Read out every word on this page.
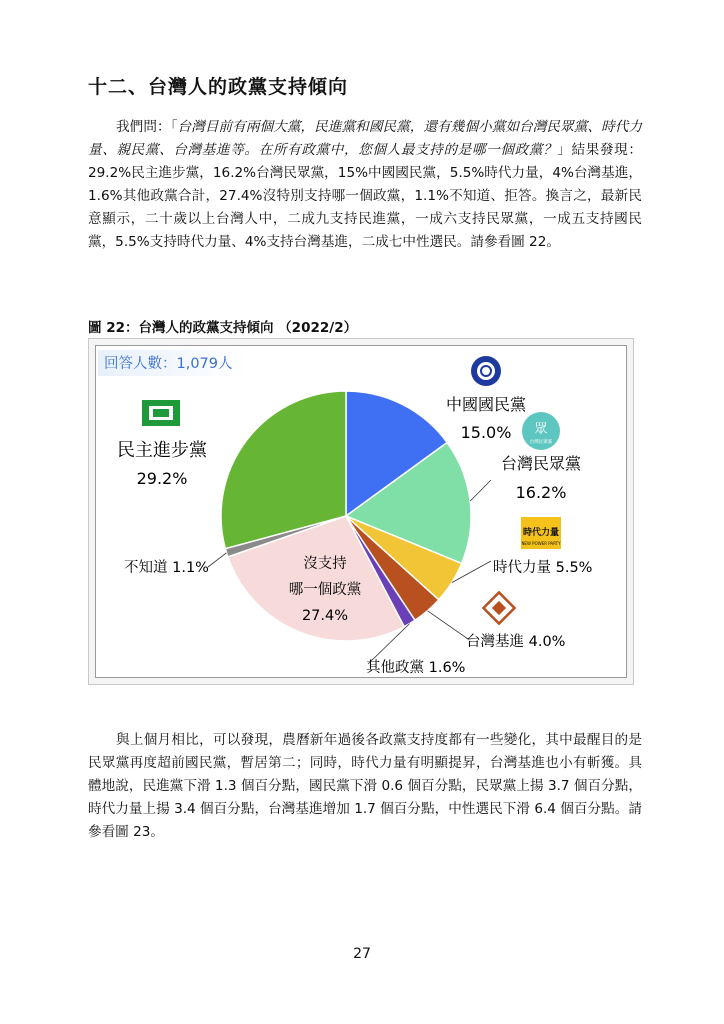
十二、台灣人的政黨支持傾向
我們問：「台灣目前有兩個大黨，民進黨和國民黨，還有幾個小黨如台灣民眾黨、時代力量、親民黨、台灣基進等。在所有政黨中，您個人最支持的是哪一個政黨？」結果發現：29.2%民主進步黨，16.2%台灣民眾黨，15%中國國民黨，5.5%時代力量，4%台灣基進，1.6%其他政黨合計，27.4%沒特別支持哪一個政黨，1.1%不知道、拒答。換言之，最新民意顯示，二十歲以上台灣人中，二成九支持民進黨，一成六支持民眾黨，一成五支持國民黨，5.5%支持時代力量、4%支持台灣基進，二成七中性選民。請參看圖 22。
圖 22：台灣人的政黨支持傾向 （2022/2）
回答人數：1,079人
中國國民黨
15.0% 眾
台灣民眾黨
台灣民眾黨
16.2%
時代力量
NEW POWER PARTY
時代力量 5.5%
台灣基進 4.0%
其他政黨 1.6%
沒支持
哪一個政黨
27.4%
不知道 1.1%
民主進步黨
29.2%
與上個月相比，可以發現，農曆新年過後各政黨支持度都有一些變化，其中最醒目的是民眾黨再度超前國民黨，暫居第二；同時，時代力量有明顯提昇，台灣基進也小有斬獲。具體地說，民進黨下滑 1.3 個百分點，國民黨下滑 0.6 個百分點，民眾黨上揚 3.7 個百分點，時代力量上揚 3.4 個百分點，台灣基進增加 1.7 個百分點，中性選民下滑 6.4 個百分點。請參看圖 23。
27
